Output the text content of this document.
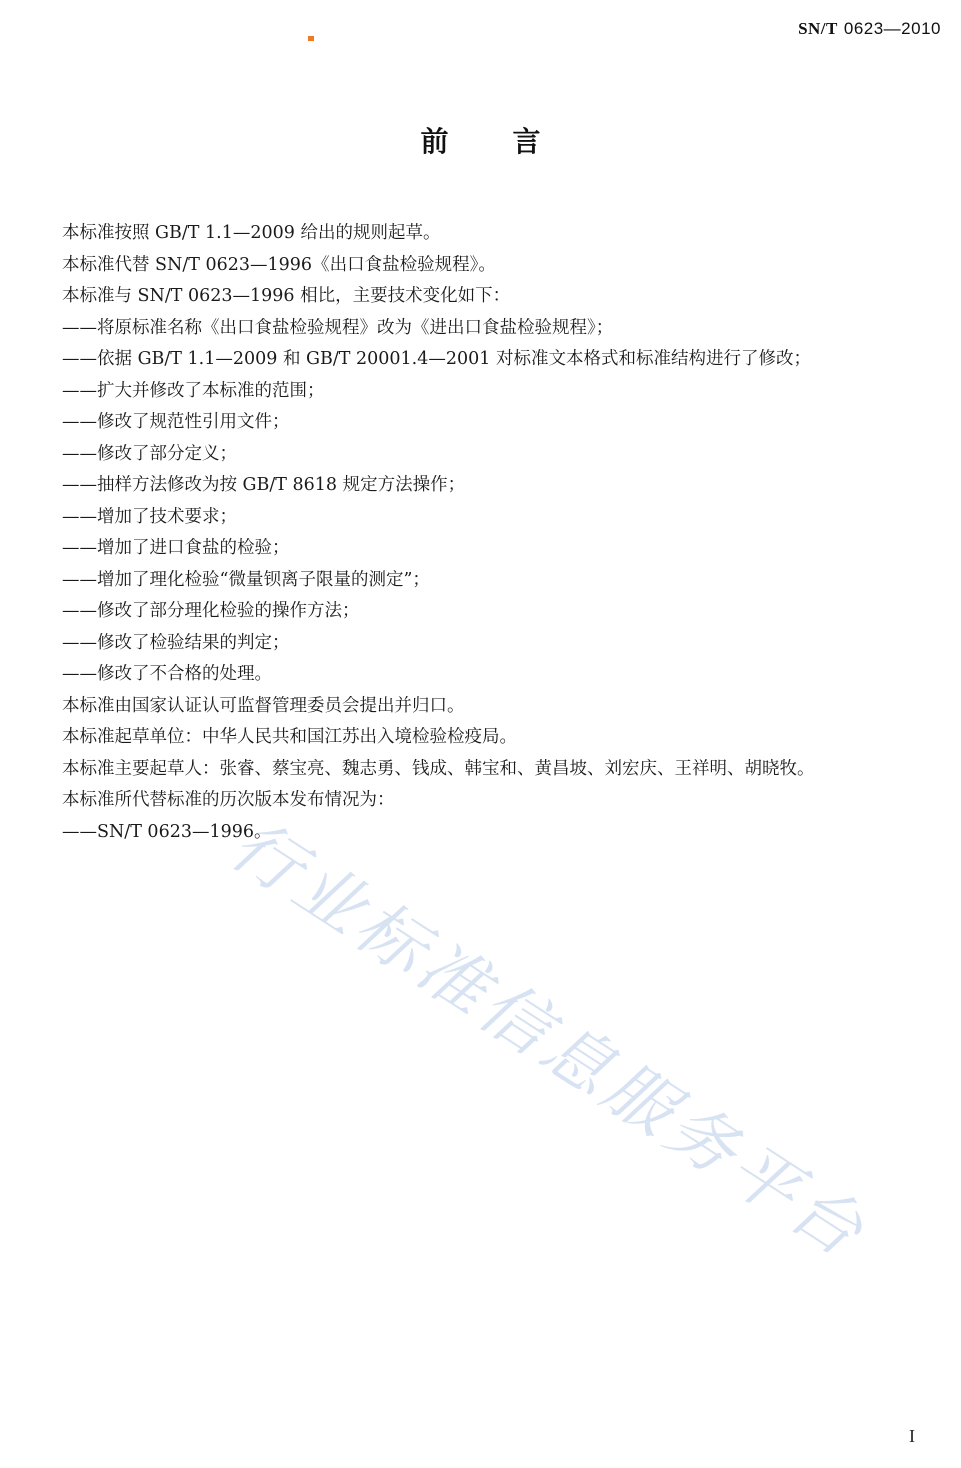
SN/T 0623—2010
前言
行业标准信息服务平台
本标准按照 GB/T 1.1—2009 给出的规则起草。
本标准代替 SN/T 0623—1996《出口食盐检验规程》。
本标准与 SN/T 0623—1996 相比，主要技术变化如下：
——将原标准名称《出口食盐检验规程》改为《进出口食盐检验规程》；
——依据 GB/T 1.1—2009 和 GB/T 20001.4—2001 对标准文本格式和标准结构进行了修改；
——扩大并修改了本标准的范围；
——修改了规范性引用文件；
——修改了部分定义；
——抽样方法修改为按 GB/T 8618 规定方法操作；
——增加了技术要求；
——增加了进口食盐的检验；
——增加了理化检验“微量钡离子限量的测定”；
——修改了部分理化检验的操作方法；
——修改了检验结果的判定；
——修改了不合格的处理。
本标准由国家认证认可监督管理委员会提出并归口。
本标准起草单位：中华人民共和国江苏出入境检验检疫局。
本标准主要起草人：张睿、蔡宝亮、魏志勇、钱成、韩宝和、黄昌坡、刘宏庆、王祥明、胡晓牧。
本标准所代替标准的历次版本发布情况为：
——SN/T 0623—1996。
I
